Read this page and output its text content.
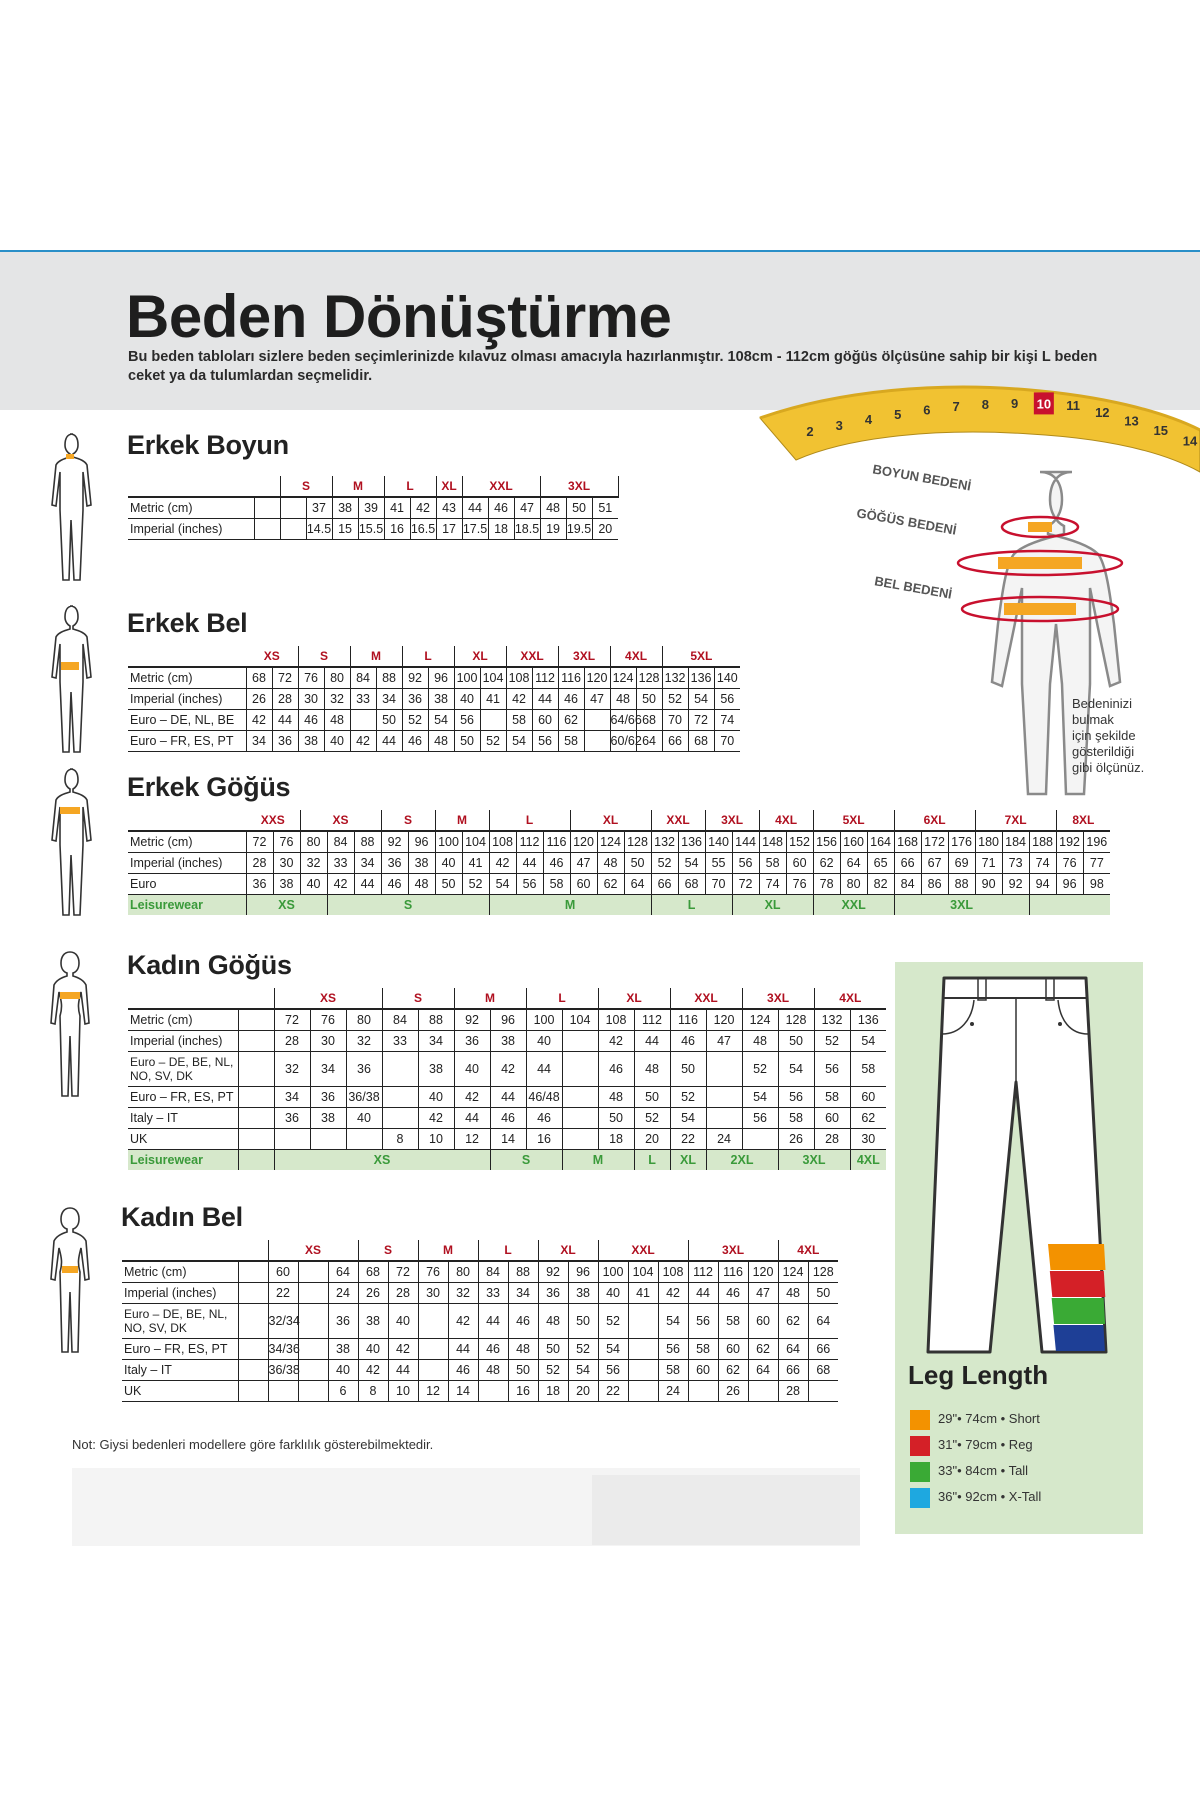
Beden Dönüştürme
Bu beden tabloları sizlere beden seçimlerinizde kılavuz olması amacıyla hazırlanmıştır. 108cm - 112cm göğüs ölçüsüne sahip bir kişi L beden ceket ya da tulumlardan seçmelidir.
2 3 4 5 6 7 8 9 10 11 12
13
15
14
BOYUN BEDENİ
GÖĞÜS BEDENİ
BEL BEDENİ
Bedeninizi
bulmak
için şekilde
gösterildiği
gibi ölçünüz.
Erkek Boyun
Erkek Bel
Erkek Göğüs
Kadın Göğüs
Kadın Bel
		S		M		L		XL	XXL			3XL	
Metric (cm)			37	38	39	41	42	43	44	46	47	48	50	51	
Imperial (inches)			14.5	15	15.5	16	16.5	17	17.5	18	18.5	19	19.5	20	
	XS		S		M		L		XL		XXL		3XL		4XL		5XL		
Metric (cm)	68	72	76	80	84	88	92	96	100	104	108	112	116	120	124	128	132	136	140
Imperial (inches)	26	28	30	32	33	34	36	38	40	41	42	44	46	47	48	50	52	54	56
Euro – DE, NL, BE	42	44	46	48		50	52	54	56		58	60	62		64/66	68	70	72	74
Euro – FR, ES, PT	34	36	38	40	42	44	46	48	50	52	54	56	58		60/62	64	66	68	70
	XXS		XS			S		M		L			XL			XXL		3XL		4XL		5XL			6XL			7XL			8XL	
Metric (cm)	72	76	80	84	88	92	96	100	104	108	112	116	120	124	128	132	136	140	144	148	152	156	160	164	168	172	176	180	184	188	192	196
Imperial (inches)	28	30	32	33	34	36	38	40	41	42	44	46	47	48	50	52	54	55	56	58	60	62	64	65	66	67	69	71	73	74	76	77
Euro	36	38	40	42	44	46	48	50	52	54	56	58	60	62	64	66	68	70	72	74	76	78	80	82	84	86	88	90	92	94	96	98
Leisurewear	XS			S						M						L			XL			XXL			3XL							
		XS			S		M		L		XL		XXL		3XL		4XL	
Metric (cm)		72	76	80	84	88	92	96	100	104	108	112	116	120	124	128	132	136
Imperial (inches)		28	30	32	33	34	36	38	40		42	44	46	47	48	50	52	54
Euro – DE, BE, NL, NO, SV, DK		32	34	36		38	40	42	44		46	48	50		52	54	56	58
Euro – FR, ES, PT		34	36	36/38		40	42	44	46/48		48	50	52		54	56	58	60
Italy – IT		36	38	40		42	44	46	46		50	52	54		56	58	60	62
UK					8	10	12	14	16		18	20	22	24		26	28	30
Leisurewear		XS						S		M		L	XL	2XL		3XL		4XL
		XS			S		M		L		XL		XXL			3XL			4XL	
Metric (cm)		60		64	68	72	76	80	84	88	92	96	100	104	108	112	116	120	124	128
Imperial (inches)		22		24	26	28	30	32	33	34	36	38	40	41	42	44	46	47	48	50
Euro – DE, BE, NL, NO, SV, DK		32/34		36	38	40		42	44	46	48	50	52		54	56	58	60	62	64
Euro – FR, ES, PT		34/36		38	40	42		44	46	48	50	52	54		56	58	60	62	64	66
Italy – IT		36/38		40	42	44		46	48	50	52	54	56		58	60	62	64	66	68
UK				6	8	10	12	14		16	18	20	22		24		26		28	
Leg Length
29"• 74cm • Short
31"• 79cm • Reg
33"• 84cm • Tall
36"• 92cm • X-Tall
Not: Giysi bedenleri modellere göre farklılık gösterebilmektedir.
